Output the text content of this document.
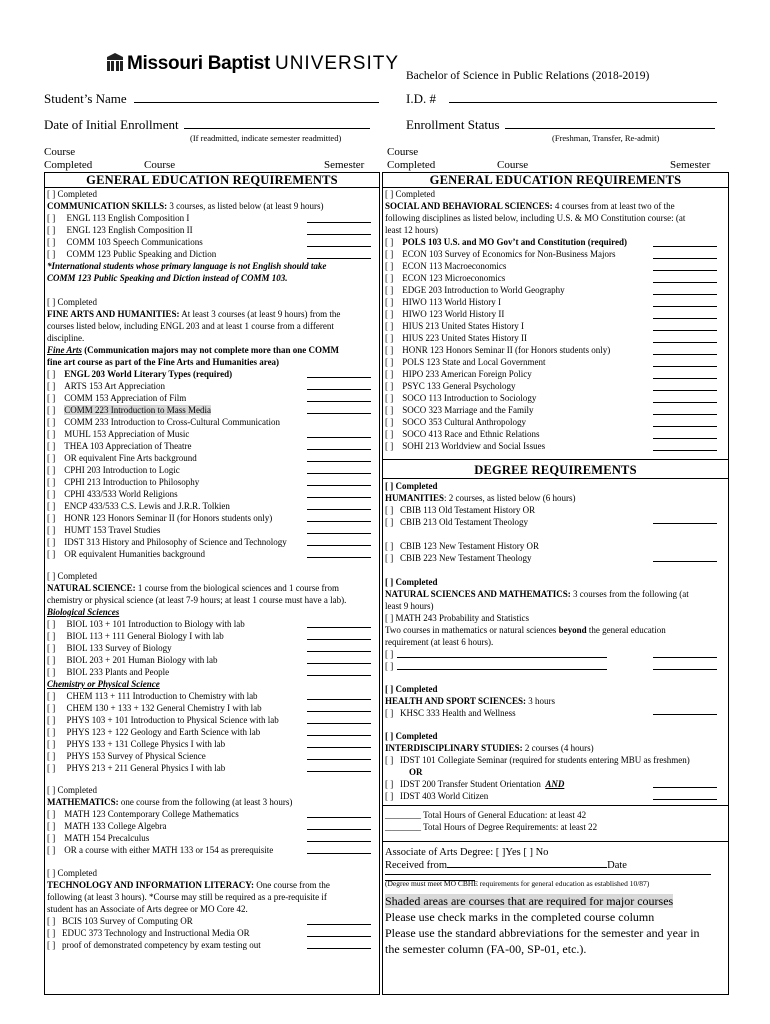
Missouri Baptist UNIVERSITY
Bachelor of Science in Public Relations (2018-2019)
Student’s Name	I.D. #
Date of Initial Enrollment
(If readmitted, indicate semester readmitted)
Enrollment Status
(Freshman, Transfer, Re-admit)
Course
Completed	Course	Semester
Course
Completed	Course	Semester
GENERAL EDUCATION REQUIREMENTS
[ ] Completed
COMMUNICATION SKILLS: 3 courses, as listed below (at least 9 hours)
[ ]     ENGL 113 English Composition I
[ ]     ENGL 123 English Composition II
[ ]     COMM 103 Speech Communications
[ ]     COMM 123 Public Speaking and Diction
*International students whose primary language is not English should take
COMM 123 Public Speaking and Diction instead of COMM 103.
[ ] Completed
FINE ARTS AND HUMANITIES: At least 3 courses (at least 9 hours) from the
courses listed below, including ENGL 203 and at least 1 course from a different
discipline.
Fine Arts (Communication majors may not complete more than one COMM
fine art course as part of the Fine Arts and Humanities area)
[ ]    ENGL 203 World Literary Types (required)
[ ]    ARTS 153 Art Appreciation
[ ]    COMM 153 Appreciation of Film
[ ]    COMM 223 Introduction to Mass Media
[ ]    COMM 233 Introduction to Cross-Cultural Communication
[ ]    MUHL 153 Appreciation of Music
[ ]    THEA 103 Appreciation of Theatre
[ ]    OR equivalent Fine Arts background
[ ]    CPHI 203 Introduction to Logic
[ ]    CPHI 213 Introduction to Philosophy
[ ]    CPHI 433/533 World Religions
[ ]    ENCP 433/533 C.S. Lewis and J.R.R. Tolkien
[ ]    HONR 123 Honors Seminar II (for Honors students only)
[ ]    HUMT 153 Travel Studies
[ ]    IDST 313 History and Philosophy of Science and Technology
[ ]    OR equivalent Humanities background
[ ] Completed
NATURAL SCIENCE: 1 course from the biological sciences and 1 course from
chemistry or physical science (at least 7-9 hours; at least 1 course must have a lab).
Biological Sciences
[ ]     BIOL 103 + 101 Introduction to Biology with lab
[ ]     BIOL 113 + 111 General Biology I with lab
[ ]     BIOL 133 Survey of Biology
[ ]     BIOL 203 + 201 Human Biology with lab
[ ]     BIOL 233 Plants and People
Chemistry or Physical Science
[ ]     CHEM 113 + 111 Introduction to Chemistry with lab
[ ]     CHEM 130 + 133 + 132 General Chemistry I with lab
[ ]     PHYS 103 + 101 Introduction to Physical Science with lab
[ ]     PHYS 123 + 122 Geology and Earth Science with lab
[ ]     PHYS 133 + 131 College Physics I with lab
[ ]     PHYS 153 Survey of Physical Science
[ ]     PHYS 213 + 211 General Physics I with lab
[ ] Completed
MATHEMATICS: one course from the following (at least 3 hours)
[ ]    MATH 123 Contemporary College Mathematics
[ ]    MATH 133 College Algebra
[ ]    MATH 154 Precalculus
[ ]    OR a course with either MATH 133 or 154 as prerequisite
[ ] Completed
TECHNOLOGY AND INFORMATION LITERACY: One course from the
following (at least 3 hours). *Course may still be required as a pre-requisite if
student has an Associate of Arts degree or MO Core 42.
[ ]   BCIS 103 Survey of Computing OR
[ ]   EDUC 373 Technology and Instructional Media OR
[ ]   proof of demonstrated competency by exam testing out
GENERAL EDUCATION REQUIREMENTS
[ ] Completed
SOCIAL AND BEHAVIORAL SCIENCES: 4 courses from at least two of the
following disciplines as listed below, including U.S. & MO Constitution course: (at
least 12 hours)
[ ]    POLS 103 U.S. and MO Gov’t and Constitution (required)
[ ]    ECON 103 Survey of Economics for Non-Business Majors
[ ]    ECON 113 Macroeconomics
[ ]    ECON 123 Microeconomics
[ ]    EDGE 203 Introduction to World Geography
[ ]    HIWO 113 World History I
[ ]    HIWO 123 World History II
[ ]    HIUS 213 United States History I
[ ]    HIUS 223 United States History II
[ ]    HONR 123 Honors Seminar II (for Honors students only)
[ ]    POLS 123 State and Local Government
[ ]    HIPO 233 American Foreign Policy
[ ]    PSYC 133 General Psychology
[ ]    SOCO 113 Introduction to Sociology
[ ]    SOCO 323 Marriage and the Family
[ ]    SOCO 353 Cultural Anthropology
[ ]    SOCO 413 Race and Ethnic Relations
[ ]    SOHI 213 Worldview and Social Issues
DEGREE REQUIREMENTS
[ ] Completed
HUMANITIES: 2 courses, as listed below (6 hours)
[ ]   CBIB 113 Old Testament History OR
[ ]   CBIB 213 Old Testament Theology
[ ]   CBIB 123 New Testament History OR
[ ]   CBIB 223 New Testament Theology
[ ] Completed
NATURAL SCIENCES AND MATHEMATICS: 3 courses from the following (at
least 9 hours)
[ ] MATH 243 Probability and Statistics
Two courses in mathematics or natural sciences beyond the general education
requirement (at least 6 hours).
[ ]
[ ]
[ ] Completed
HEALTH AND SPORT SCIENCES: 3 hours
[ ]   KHSC 333 Health and Wellness
[ ] Completed
INTERDISCIPLINARY STUDIES: 2 courses (4 hours)
[ ]   IDST 101 Collegiate Seminar (required for students entering MBU as freshmen)
OR
[ ]   IDST 200 Transfer Student Orientation AND
[ ]   IDST 403 World Citizen
________ Total Hours of General Education: at least 42
________ Total Hours of Degree Requirements: at least 22
Associate of Arts Degree: [ ]Yes [ ] No
Received from	Date
(Degree must meet MO CBHE requirements for general education as established 10/87)
Shaded areas are courses that are required for major courses
Please use check marks in the completed course column
Please use the standard abbreviations for the semester and year in
the semester column (FA-00, SP-01, etc.).
